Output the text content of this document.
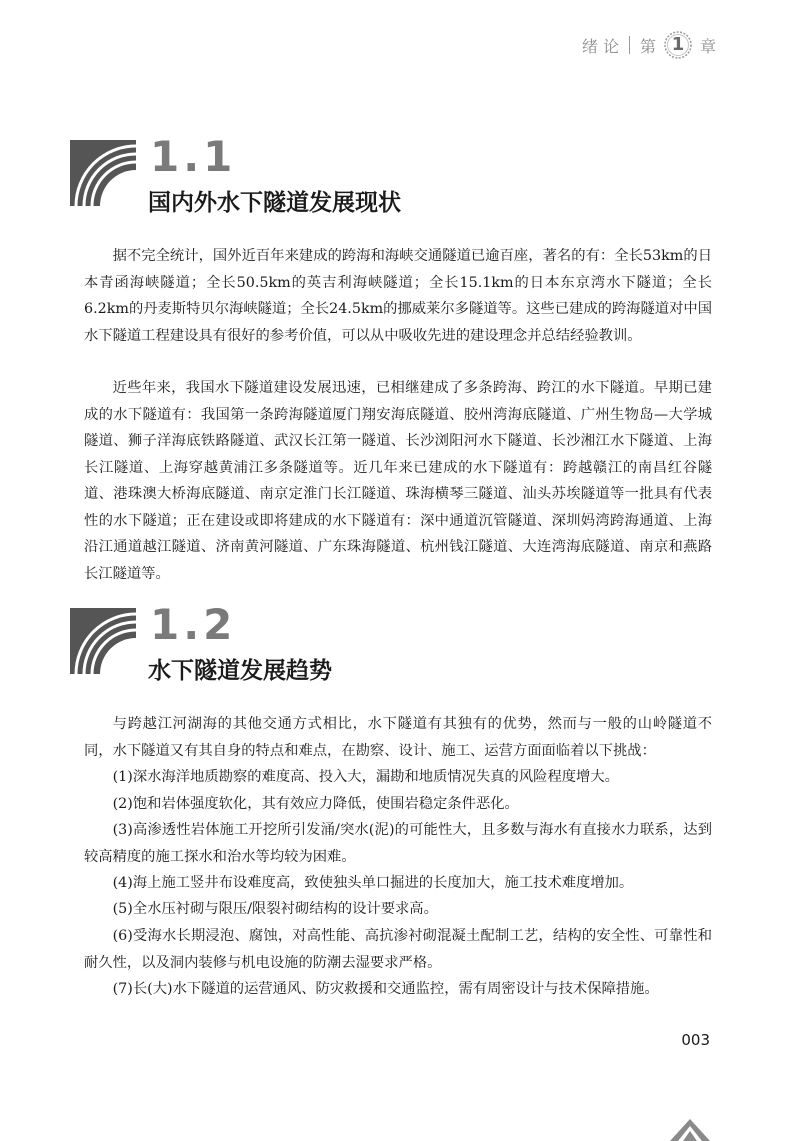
绪 论 第 1 章
1.1
国内外水下隧道发展现状

据不完全统计，国外近百年来建成的跨海和海峡交通隧道已逾百座，著名的有：全长53km的日本青函海峡隧道；全长50.5km的英吉利海峡隧道；全长15.1km的日本东京湾水下隧道；全长6.2km的丹麦斯特贝尔海峡隧道；全长24.5km的挪威莱尔多隧道等。这些已建成的跨海隧道对中国水下隧道工程建设具有很好的参考价值，可以从中吸收先进的建设理念并总结经验教训。

近些年来，我国水下隧道建设发展迅速，已相继建成了多条跨海、跨江的水下隧道。早期已建成的水下隧道有：我国第一条跨海隧道厦门翔安海底隧道、胶州湾海底隧道、广州生物岛—大学城隧道、狮子洋海底铁路隧道、武汉长江第一隧道、长沙浏阳河水下隧道、长沙湘江水下隧道、上海长江隧道、上海穿越黄浦江多条隧道等。近几年来已建成的水下隧道有：跨越赣江的南昌红谷隧道、港珠澳大桥海底隧道、南京定淮门长江隧道、珠海横琴三隧道、汕头苏埃隧道等一批具有代表性的水下隧道；正在建设或即将建成的水下隧道有：深中通道沉管隧道、深圳妈湾跨海通道、上海沿江通道越江隧道、济南黄河隧道、广东珠海隧道、杭州钱江隧道、大连湾海底隧道、南京和燕路长江隧道等。

1.2
水下隧道发展趋势

与跨越江河湖海的其他交通方式相比，水下隧道有其独有的优势，然而与一般的山岭隧道不同，水下隧道又有其自身的特点和难点，在勘察、设计、施工、运营方面面临着以下挑战：

(1)深水海洋地质勘察的难度高、投入大，漏勘和地质情况失真的风险程度增大。

(2)饱和岩体强度软化，其有效应力降低，使围岩稳定条件恶化。

(3)高渗透性岩体施工开挖所引发涌/突水(泥)的可能性大，且多数与海水有直接水力联系，达到较高精度的施工探水和治水等均较为困难。

(4)海上施工竖井布设难度高，致使独头单口掘进的长度加大，施工技术难度增加。

(5)全水压衬砌与限压/限裂衬砌结构的设计要求高。

(6)受海水长期浸泡、腐蚀，对高性能、高抗渗衬砌混凝土配制工艺，结构的安全性、可靠性和耐久性，以及洞内装修与机电设施的防潮去湿要求严格。

(7)长(大)水下隧道的运营通风、防灾救援和交通监控，需有周密设计与技术保障措施。

003
